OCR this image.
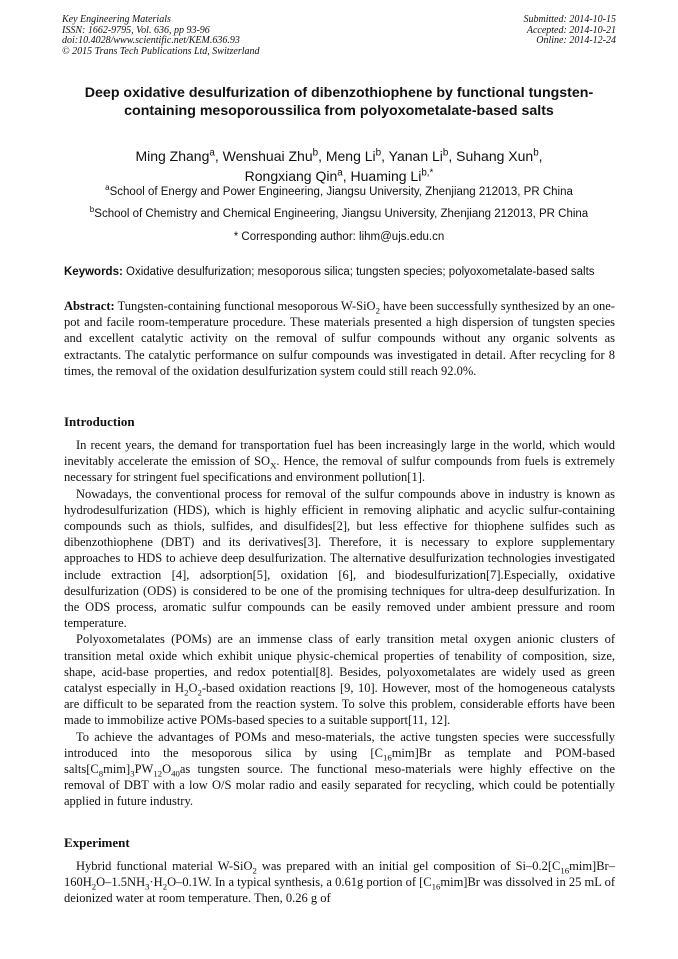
Key Engineering Materials
ISSN: 1662-9795, Vol. 636, pp 93-96
doi:10.4028/www.scientific.net/KEM.636.93
© 2015 Trans Tech Publications Ltd, Switzerland
Submitted: 2014-10-15
Accepted: 2014-10-21
Online: 2014-12-24
Deep oxidative desulfurization of dibenzothiophene by functional tungsten-containing mesoporoussilica from polyoxometalate-based salts
Ming Zhang$^a$, Wenshuai Zhu$^b$, Meng Li$^b$, Yanan Li$^b$, Suhang Xun$^b$,
Rongxiang Qin$^a$, Huaming $Li^{b,*}$
$^a$School of Energy and Power Engineering, Jiangsu University, Zhenjiang 212013, PR China
$^b$School of Chemistry and Chemical Engineering, Jiangsu University, Zhenjiang 212013, PR China
* Corresponding author: lihm@ujs.edu.cn
Keywords: Oxidative desulfurization; mesoporous silica; tungsten species; polyoxometalate-based salts
Abstract: Tungsten-containing functional mesoporous W-SiO$_2$ have been successfully synthesized by an one-pot and facile room-temperature procedure. These materials presented a high dispersion of tungsten species and excellent catalytic activity on the removal of sulfur compounds without any organic solvents as extractants. The catalytic performance on sulfur compounds was investigated in detail. After recycling for 8 times, the removal of the oxidation desulfurization system could still reach 92.0%.
Introduction

In recent years, the demand for transportation fuel has been increasingly large in the world, which would inevitably accelerate the emission of $SO_X$. Hence, the removal of sulfur compounds from fuels is extremely necessary for stringent fuel specifications and environment pollution[1].

Nowadays, the conventional process for removal of the sulfur compounds above in industry is known as hydrodesulfurization (HDS), which is highly efficient in removing aliphatic and acyclic sulfur-containing compounds such as thiols, sulfides, and disulfides[2], but less effective for thiophene sulfides such as dibenzothiophene (DBT) and its derivatives[3]. Therefore, it is necessary to explore supplementary approaches to HDS to achieve deep desulfurization. The alternative desulfurization technologies investigated include extraction [4], adsorption[5], oxidation [6], and biodesulfurization[7].Especially, oxidative desulfurization (ODS) is considered to be one of the promising techniques for ultra-deep desulfurization. In the ODS process, aromatic sulfur compounds can be easily removed under ambient pressure and room temperature.

Polyoxometalates (POMs) are an immense class of early transition metal oxygen anionic clusters of transition metal oxide which exhibit unique physic-chemical properties of tenability of composition, size, shape, acid-base properties, and redox potential[8]. Besides, polyoxometalates are widely used as green catalyst especially in $H_2O_2$-based oxidation reactions [9, 10]. However, most of the homogeneous catalysts are difficult to be separated from the reaction system. To solve this problem, considerable efforts have been made to immobilize active POMs-based species to a suitable support[11, 12].

To achieve the advantages of POMs and meso-materials, the active tungsten species were successfully introduced into the mesoporous silica by using $[C_{16}mim]Br$ as template and POM-based $salts[C_8mim]_3PW_{12}O_{40}as$ tungsten source. The functional meso-materials were highly effective on the removal of DBT with a low O/S molar radio and easily separated for recycling, which could be potentially applied in future industry.

Experiment

Hybrid functional material W-SiO$_2$ was prepared with an initial gel composition of $Si-0.2[C_{16}mim]Br-160H_2O-1.5NH_3\cdot H_2O-0.1W$. In a typical synthesis, a 0.61g portion of $[C_{16}mim]Br$ was dissolved in 25 mL of deionized water at room temperature. Then, 0.26 g of
